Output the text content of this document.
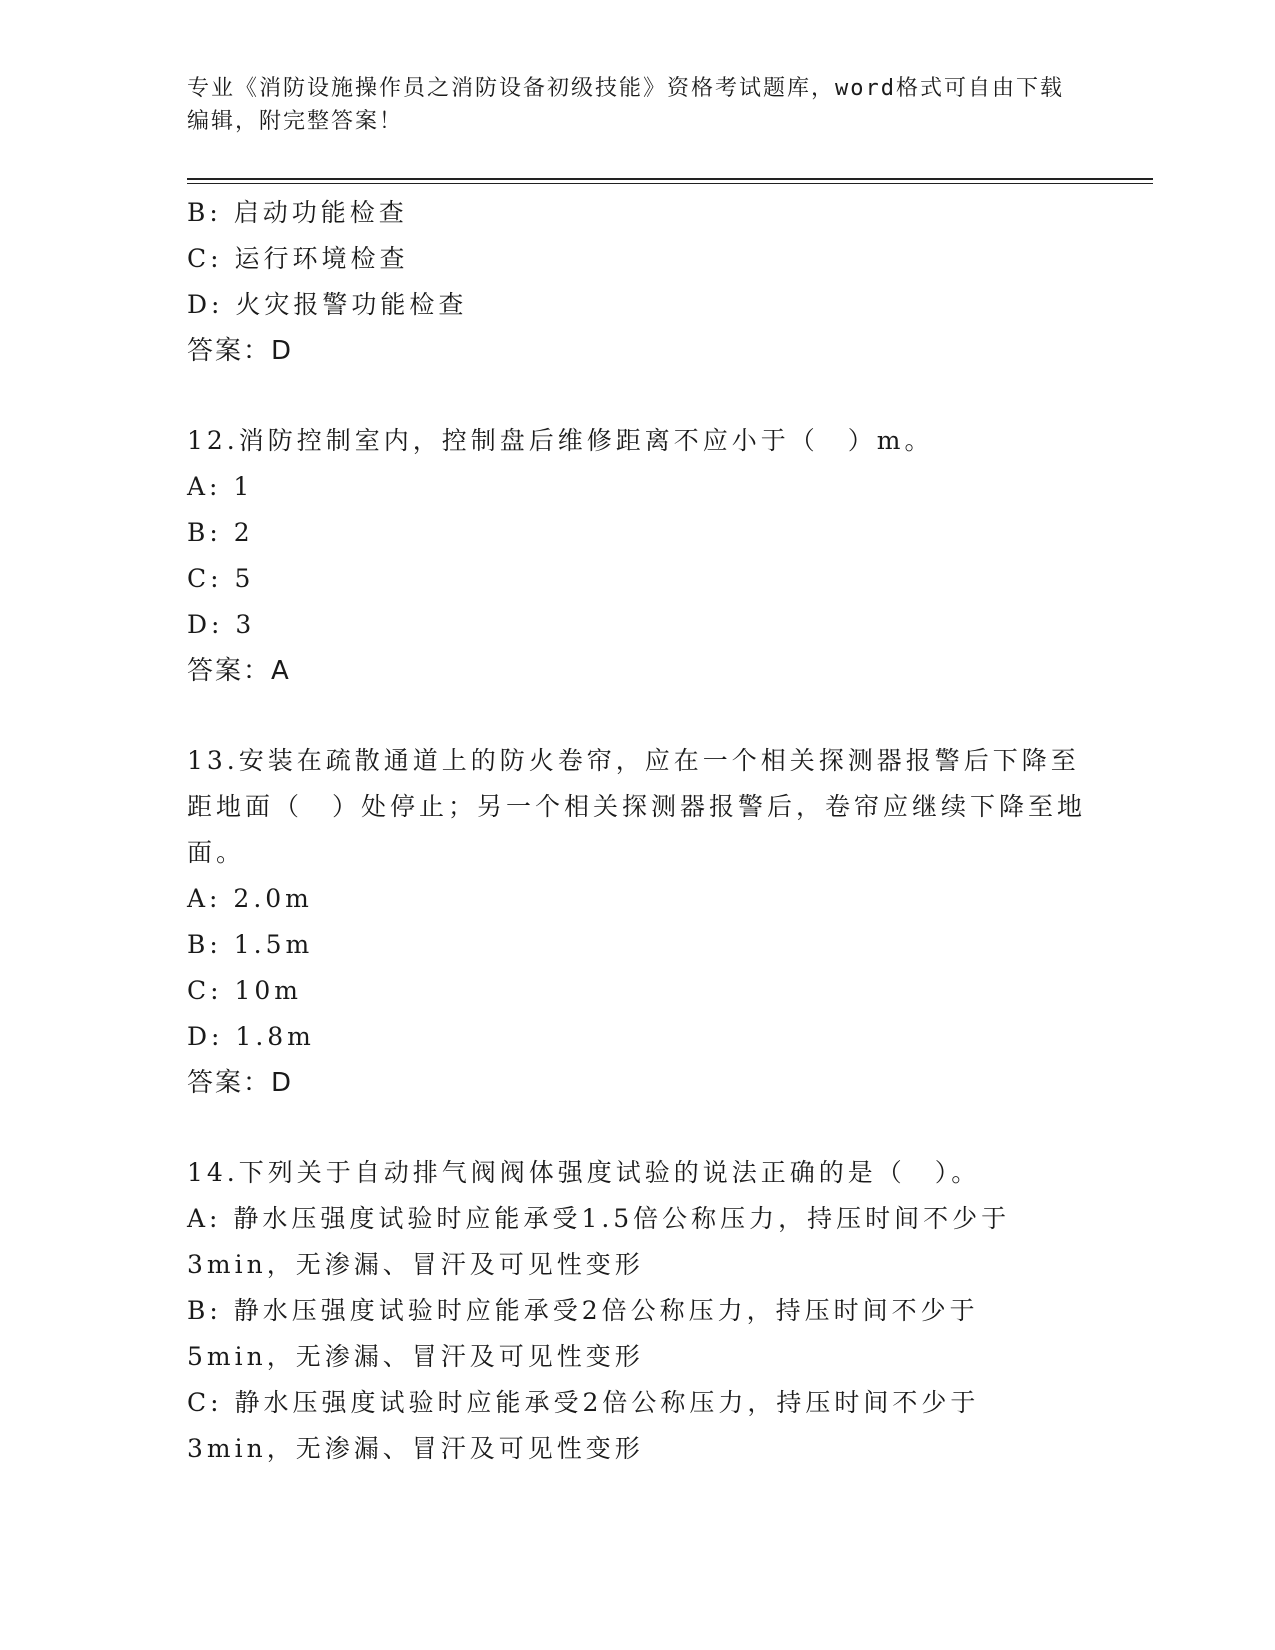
专业《消防设施操作员之消防设备初级技能》资格考试题库，word格式可自由下载编辑，附完整答案！
B: 启动功能检查
C: 运行环境检查
D: 火灾报警功能检查
答案：D
12.消防控制室内，控制盘后维修距离不应小于（　）m。
A: 1
B: 2
C: 5
D: 3
答案：A
13.安装在疏散通道上的防火卷帘，应在一个相关探测器报警后下降至距地面（　）处停止；另一个相关探测器报警后，卷帘应继续下降至地面。
A: 2.0m
B: 1.5m
C: 10m
D: 1.8m
答案：D
14.下列关于自动排气阀阀体强度试验的说法正确的是（　）。
A: 静水压强度试验时应能承受1.5倍公称压力，持压时间不少于3min，无渗漏、冒汗及可见性变形
B: 静水压强度试验时应能承受2倍公称压力，持压时间不少于5min，无渗漏、冒汗及可见性变形
C: 静水压强度试验时应能承受2倍公称压力，持压时间不少于3min，无渗漏、冒汗及可见性变形
